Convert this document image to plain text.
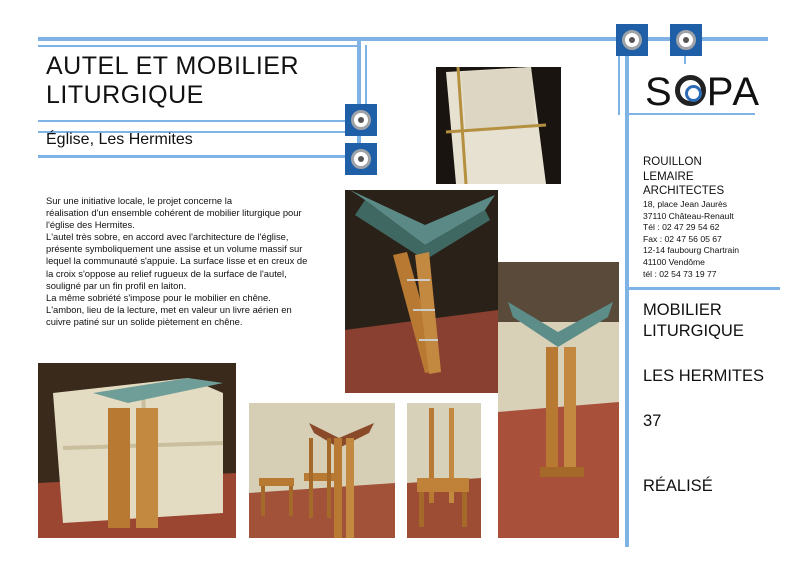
AUTEL ET MOBILIER
LITURGIQUE
Église, Les Hermites

Sur une initiative locale, le projet concerne la

réalisation d'un ensemble cohérent de mobilier liturgique pour

l'église des Hermites.

L'autel très sobre, en accord avec l'architecture de l'église,

présente symboliquement une assise et un volume massif sur

lequel la communauté s'appuie. La surface lisse et en creux de

la croix s'oppose au relief rugueux de la surface de l'autel,

souligné par un fin profil en laiton.

La même sobriété s'impose pour le mobilier en chêne.

L'ambon, lieu de la lecture, met en valeur un livre aérien en

cuivre patiné sur un solide piètement en chêne.

S PA
ROUILLON
LEMAIRE
ARCHITECTES
18, place Jean Jaurès
37110 Château-Renault
Tél : 02 47 29 54 62
Fax : 02 47 56 05 67
12-14 faubourg Chartrain
41100 Vendôme
tél : 02 54 73 19 77
MOBILIER
LITURGIQUE
LES HERMITES
37
RÉALISÉ
